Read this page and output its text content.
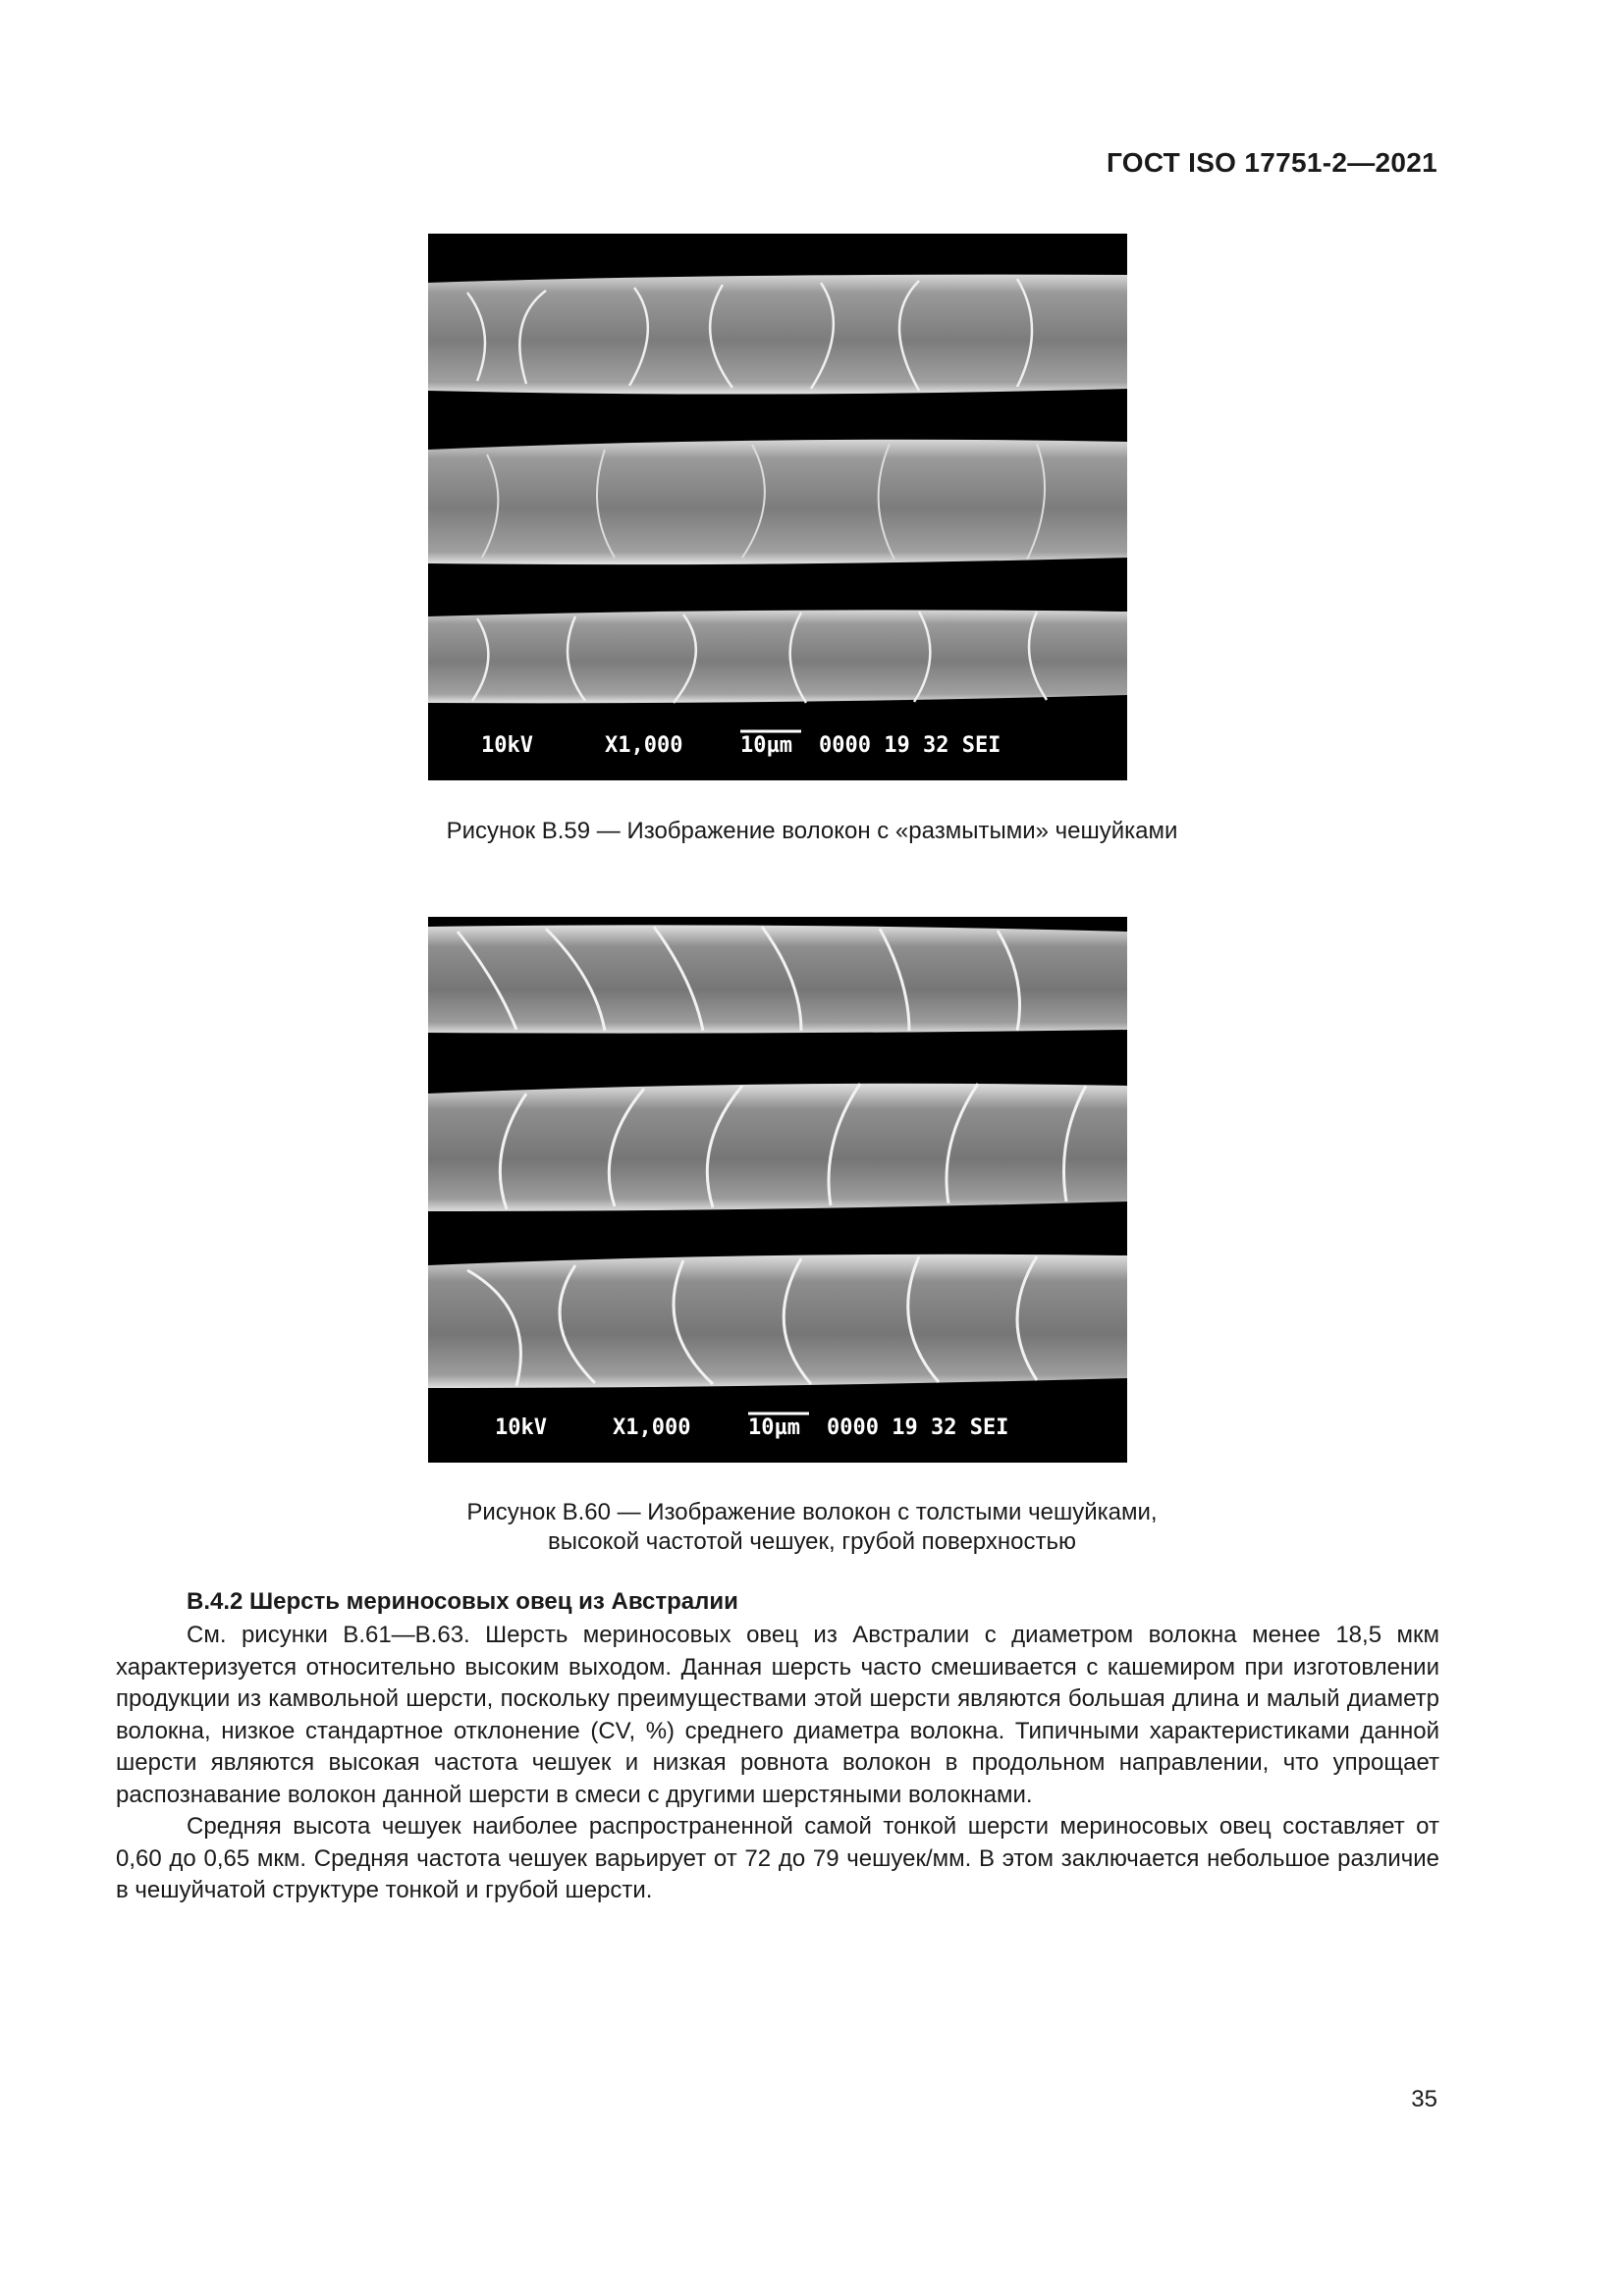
ГОСТ ISO 17751-2—2021
10kV	X1,000	10µm 0000 19 32 SEI
Рисунок В.59 — Изображение волокон с «размытыми» чешуйками
10kV	X1,000	10µm 0000 19 32 SEI
Рисунок В.60 — Изображение волокон с толстыми чешуйками,
высокой частотой чешуек, грубой поверхностью
В.4.2 Шерсть мериносовых овец из Австралии

См. рисунки В.61—В.63. Шерсть мериносовых овец из Австралии с диаметром волокна менее 18,5 мкм характеризуется относительно высоким выходом. Данная шерсть часто смешивается с кашемиром при изготовлении продукции из камвольной шерсти, поскольку преимуществами этой шерсти являются большая длина и малый диаметр волокна, низкое стандартное отклонение (CV, %) среднего диаметра волокна. Типичными характеристиками данной шерсти являются высокая частота чешуек и низкая ровнота волокон в продольном направлении, что упрощает распознавание волокон данной шерсти в смеси с другими шерстяными волокнами.

Средняя высота чешуек наиболее распространенной самой тонкой шерсти мериносовых овец составляет от 0,60 до 0,65 мкм. Средняя частота чешуек варьирует от 72 до 79 чешуек/мм. В этом заключается небольшое различие в чешуйчатой структуре тонкой и грубой шерсти.

35
